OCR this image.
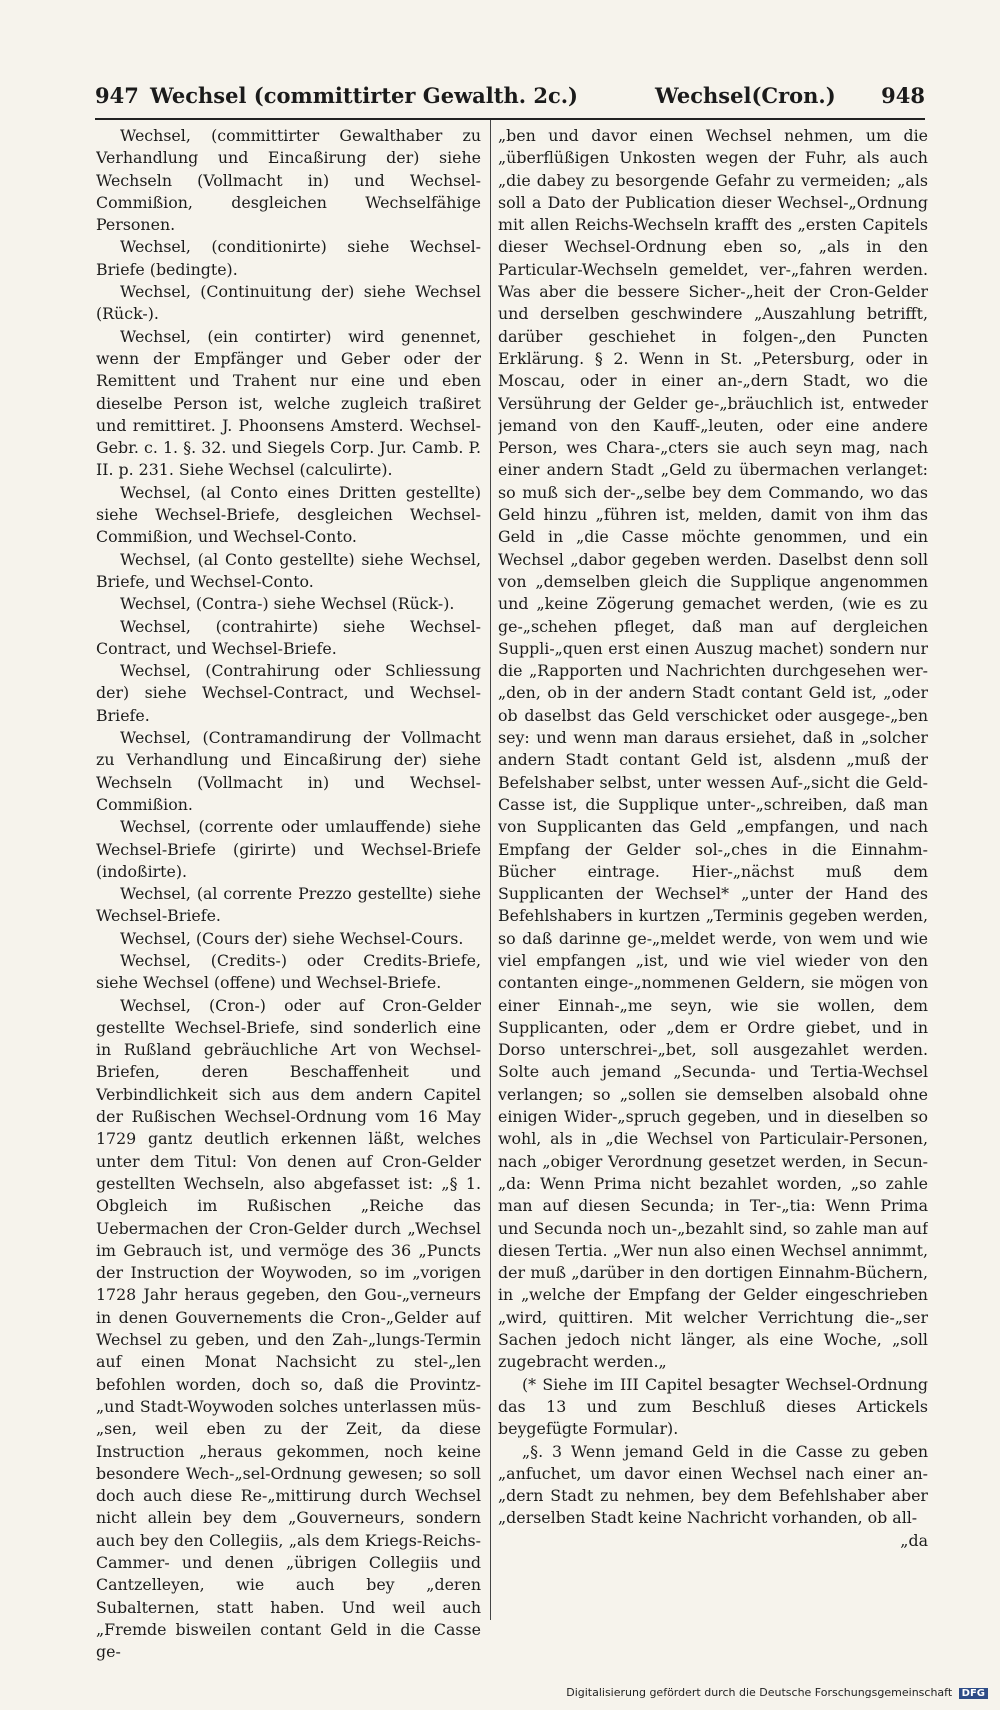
947 Wechsel (committirter Gewalth. 2c.)	Wechsel(Cron.) 948

Wechsel, (committirter Gewalthaber zu Verhandlung und Eincaßirung der) siehe Wechseln (Vollmacht in) und Wechsel-Commißion, desgleichen Wechselfähige Personen.

Wechsel, (conditionirte) siehe Wechsel-Briefe (bedingte).

Wechsel, (Continuitung der) siehe Wechsel (Rück-).

Wechsel, (ein contirter) wird genennet, wenn der Empfänger und Geber oder der Remittent und Trahent nur eine und eben dieselbe Person ist, welche zugleich traßiret und remittiret. J. Phoonsens Amsterd. Wechsel-Gebr. c. 1. §. 32. und Siegels Corp. Jur. Camb. P. II. p. 231. Siehe Wechsel (calculirte).

Wechsel, (al Conto eines Dritten gestellte) siehe Wechsel-Briefe, desgleichen Wechsel-Commißion, und Wechsel-Conto.

Wechsel, (al Conto gestellte) siehe Wechsel, Briefe, und Wechsel-Conto.

Wechsel, (Contra-) siehe Wechsel (Rück-).

Wechsel, (contrahirte) siehe Wechsel-Contract, und Wechsel-Briefe.

Wechsel, (Contrahirung oder Schliessung der) siehe Wechsel-Contract, und Wechsel-Briefe.

Wechsel, (Contramandirung der Vollmacht zu Verhandlung und Eincaßirung der) siehe Wechseln (Vollmacht in) und Wechsel-Commißion.

Wechsel, (corrente oder umlauffende) siehe Wechsel-Briefe (girirte) und Wechsel-Briefe (indoßirte).

Wechsel, (al corrente Prezzo gestellte) siehe Wechsel-Briefe.

Wechsel, (Cours der) siehe Wechsel-Cours.

Wechsel, (Credits-) oder Credits-Briefe, siehe Wechsel (offene) und Wechsel-Briefe.

Wechsel, (Cron-) oder auf Cron-Gelder gestellte Wechsel-Briefe, sind sonderlich eine in Rußland gebräuchliche Art von Wechsel-Briefen, deren Beschaffenheit und Verbindlichkeit sich aus dem andern Capitel der Rußischen Wechsel-Ordnung vom 16 May 1729 gantz deutlich erkennen läßt, welches unter dem Titul: Von denen auf Cron-Gelder gestellten Wechseln, also abgefasset ist: „§ 1. Obgleich im Rußischen „Reiche das Uebermachen der Cron-Gelder durch „Wechsel im Gebrauch ist, und vermöge des 36 „Puncts der Instruction der Woywoden, so im „vorigen 1728 Jahr heraus gegeben, den Gou-„verneurs in denen Gouvernements die Cron-„Gelder auf Wechsel zu geben, und den Zah-„lungs-Termin auf einen Monat Nachsicht zu stel-„len befohlen worden, doch so, daß die Provintz-„und Stadt-Woywoden solches unterlassen müs-„sen, weil eben zu der Zeit, da diese Instruction „heraus gekommen, noch keine besondere Wech-„sel-Ordnung gewesen; so soll doch auch diese Re-„mittirung durch Wechsel nicht allein bey dem „Gouverneurs, sondern auch bey den Collegiis, „als dem Kriegs-Reichs-Cammer- und denen „übrigen Collegiis und Cantzelleyen, wie auch bey „deren Subalternen, statt haben. Und weil auch „Fremde bisweilen contant Geld in die Casse ge-

„ben und davor einen Wechsel nehmen, um die „überflüßigen Unkosten wegen der Fuhr, als auch „die dabey zu besorgende Gefahr zu vermeiden; „als soll a Dato der Publication dieser Wechsel-„Ordnung mit allen Reichs-Wechseln krafft des „ersten Capitels dieser Wechsel-Ordnung eben so, „als in den Particular-Wechseln gemeldet, ver-„fahren werden. Was aber die bessere Sicher-„heit der Cron-Gelder und derselben geschwindere „Auszahlung betrifft, darüber geschiehet in folgen-„den Puncten Erklärung. § 2. Wenn in St. „Petersburg, oder in Moscau, oder in einer an-„dern Stadt, wo die Versührung der Gelder ge-„bräuchlich ist, entweder jemand von den Kauff-„leuten, oder eine andere Person, wes Chara-„cters sie auch seyn mag, nach einer andern Stadt „Geld zu übermachen verlanget: so muß sich der-„selbe bey dem Commando, wo das Geld hinzu „führen ist, melden, damit von ihm das Geld in „die Casse möchte genommen, und ein Wechsel „dabor gegeben werden. Daselbst denn soll von „demselben gleich die Supplique angenommen und „keine Zögerung gemachet werden, (wie es zu ge-„schehen pfleget, daß man auf dergleichen Suppli-„quen erst einen Auszug machet) sondern nur die „Rapporten und Nachrichten durchgesehen wer-„den, ob in der andern Stadt contant Geld ist, „oder ob daselbst das Geld verschicket oder ausgege-„ben sey: und wenn man daraus ersiehet, daß in „solcher andern Stadt contant Geld ist, alsdenn „muß der Befelshaber selbst, unter wessen Auf-„sicht die Geld-Casse ist, die Supplique unter-„schreiben, daß man von Supplicanten das Geld „empfangen, und nach Empfang der Gelder sol-„ches in die Einnahm-Bücher eintrage. Hier-„nächst muß dem Supplicanten der Wechsel* „unter der Hand des Befehlshabers in kurtzen „Terminis gegeben werden, so daß darinne ge-„meldet werde, von wem und wie viel empfangen „ist, und wie viel wieder von den contanten einge-„nommenen Geldern, sie mögen von einer Einnah-„me seyn, wie sie wollen, dem Supplicanten, oder „dem er Ordre giebet, und in Dorso unterschrei-„bet, soll ausgezahlet werden. Solte auch jemand „Secunda- und Tertia-Wechsel verlangen; so „sollen sie demselben alsobald ohne einigen Wider-„spruch gegeben, und in dieselben so wohl, als in „die Wechsel von Particulair-Personen, nach „obiger Verordnung gesetzet werden, in Secun-„da: Wenn Prima nicht bezahlet worden, „so zahle man auf diesen Secunda; in Ter-„tia: Wenn Prima und Secunda noch un-„bezahlt sind, so zahle man auf diesen Tertia. „Wer nun also einen Wechsel annimmt, der muß „darüber in den dortigen Einnahm-Büchern, in „welche der Empfang der Gelder eingeschrieben „wird, quittiren. Mit welcher Verrichtung die-„ser Sachen jedoch nicht länger, als eine Woche, „soll zugebracht werden.„

(* Siehe im III Capitel besagter Wechsel-Ordnung das 13 und zum Beschluß dieses Artickels beygefügte Formular).

„§. 3 Wenn jemand Geld in die Casse zu geben „anfuchet, um davor einen Wechsel nach einer an-„dern Stadt zu nehmen, bey dem Befehlshaber aber „derselben Stadt keine Nachricht vorhanden, ob all-

„da

Digitalisierung gefördert durch die Deutsche Forschungsgemeinschaft DFG
